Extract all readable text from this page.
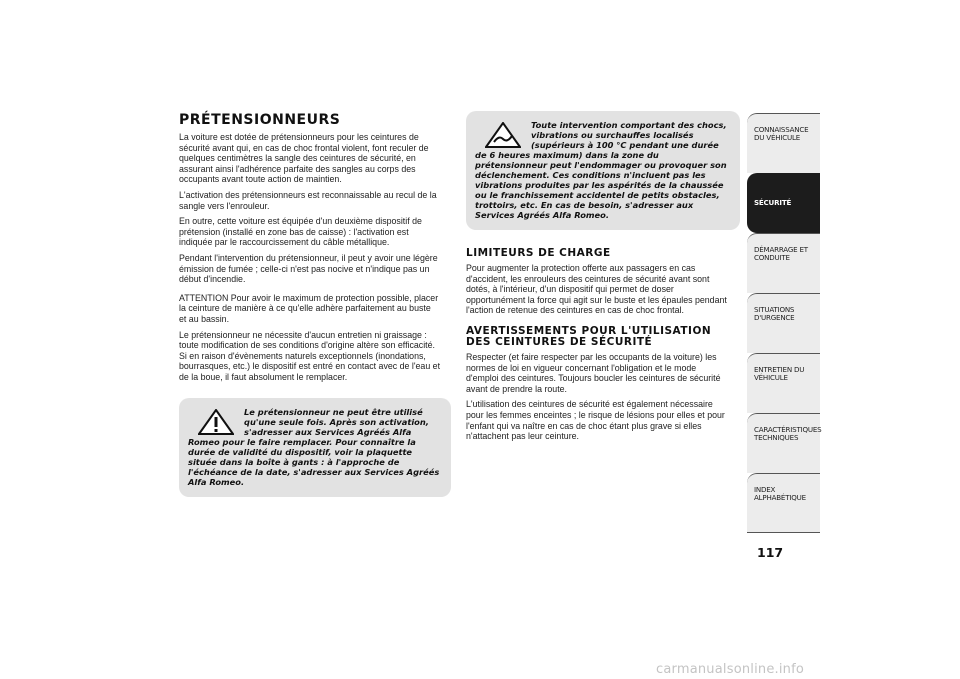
PRÉTENSIONNEURS

La voiture est dotée de prétensionneurs pour les ceintures de sécurité avant qui, en cas de choc frontal violent, font reculer de quelques centimètres la sangle des ceintures de sécurité, en assurant ainsi l'adhérence parfaite des sangles au corps des occupants avant toute action de maintien.

L'activation des prétensionneurs est reconnaissable au recul de la sangle vers l'enrouleur.

En outre, cette voiture est équipée d'un deuxième dispositif de prétension (installé en zone bas de caisse) : l'activation est indiquée par le raccourcissement du câble métallique.

Pendant l'intervention du prétensionneur, il peut y avoir une légère émission de fumée ; celle-ci n'est pas nocive et n'indique pas un début d'incendie.

ATTENTION Pour avoir le maximum de protection possible, placer la ceinture de manière à ce qu'elle adhère parfaitement au buste et au bassin.

Le prétensionneur ne nécessite d'aucun entretien ni graissage : toute modification de ses conditions d'origine altère son efficacité. Si en raison d'évènements naturels exceptionnels (inondations, bourrasques, etc.) le dispositif est entré en contact avec de l'eau et de la boue, il faut absolument le remplacer.

Le prétensionneur ne peut être utilisé qu'une seule fois. Après son activation, s'adresser aux Services Agréés Alfa Romeo pour le faire remplacer. Pour connaître la durée de validité du dispositif, voir la plaquette située dans la boîte à gants : à l'approche de l'échéance de la date, s'adresser aux Services Agréés Alfa Romeo.
Toute intervention comportant des chocs, vibrations ou surchauffes localisés (supérieurs à 100 °C pendant une durée de 6 heures maximum) dans la zone du prétensionneur peut l'endommager ou provoquer son déclenchement. Ces conditions n'incluent pas les vibrations produites par les aspérités de la chaussée ou le franchissement accidentel de petits obstacles, trottoirs, etc. En cas de besoin, s'adresser aux Services Agréés Alfa Romeo.
LIMITEURS DE CHARGE

Pour augmenter la protection offerte aux passagers en cas d'accident, les enrouleurs des ceintures de sécurité avant sont dotés, à l'intérieur, d'un dispositif qui permet de doser opportunément la force qui agit sur le buste et les épaules pendant l'action de retenue des ceintures en cas de choc frontal.

AVERTISSEMENTS POUR L'UTILISATION DES CEINTURES DE SÉCURITÉ

Respecter (et faire respecter par les occupants de la voiture) les normes de loi en vigueur concernant l'obligation et le mode d'emploi des ceintures. Toujours boucler les ceintures de sécurité avant de prendre la route.

L'utilisation des ceintures de sécurité est également nécessaire pour les femmes enceintes ; le risque de lésions pour elles et pour l'enfant qui va naître en cas de choc étant plus grave si elles n'attachent pas leur ceinture.

CONNAISSANCE DU VÉHICULE
SÉCURITÉ
DÉMARRAGE ET CONDUITE
SITUATIONS D'URGENCE
ENTRETIEN DU VÉHICULE
CARACTÉRISTIQUES TECHNIQUES
INDEX ALPHABÉTIQUE
117
carmanualsonline.info
